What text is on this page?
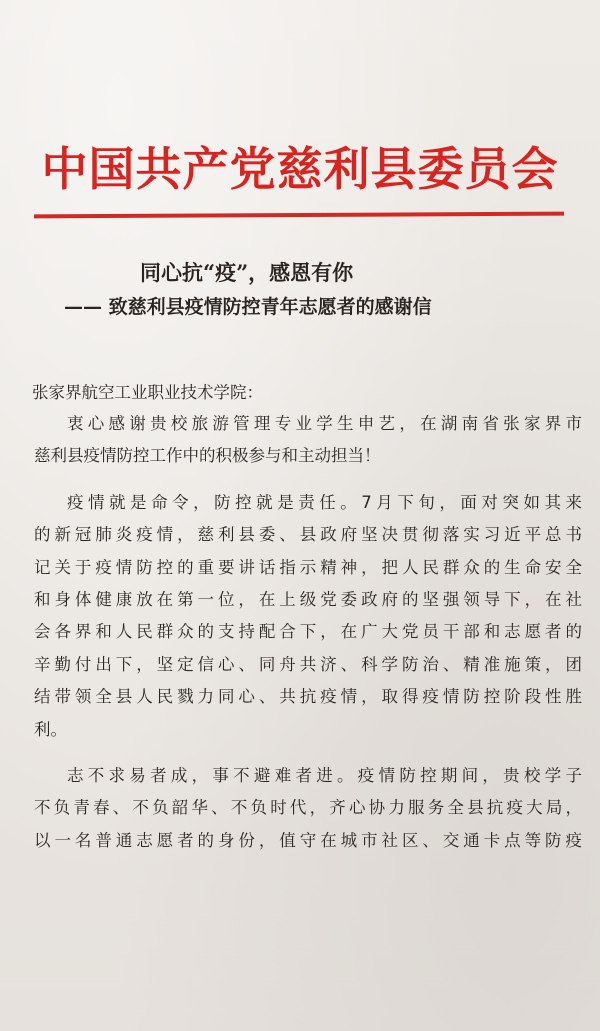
中国共产党慈利县委员会
同心抗“疫”，感恩有你
—— 致慈利县疫情防控青年志愿者的感谢信
张家界航空工业职业技术学院：
衷心感谢贵校旅游管理专业学生申艺，在湖南省张家界市
慈利县疫情防控工作中的积极参与和主动担当！
疫情就是命令，防控就是责任。7月下旬，面对突如其来
的新冠肺炎疫情，慈利县委、县政府坚决贯彻落实习近平总书
记关于疫情防控的重要讲话指示精神，把人民群众的生命安全
和身体健康放在第一位，在上级党委政府的坚强领导下，在社
会各界和人民群众的支持配合下，在广大党员干部和志愿者的
辛勤付出下，坚定信心、同舟共济、科学防治、精准施策，团
结带领全县人民戮力同心、共抗疫情，取得疫情防控阶段性胜
利。
志不求易者成，事不避难者进。疫情防控期间，贵校学子
不负青春、不负韶华、不负时代，齐心协力服务全县抗疫大局，
以一名普通志愿者的身份，值守在城市社区、交通卡点等防疫
